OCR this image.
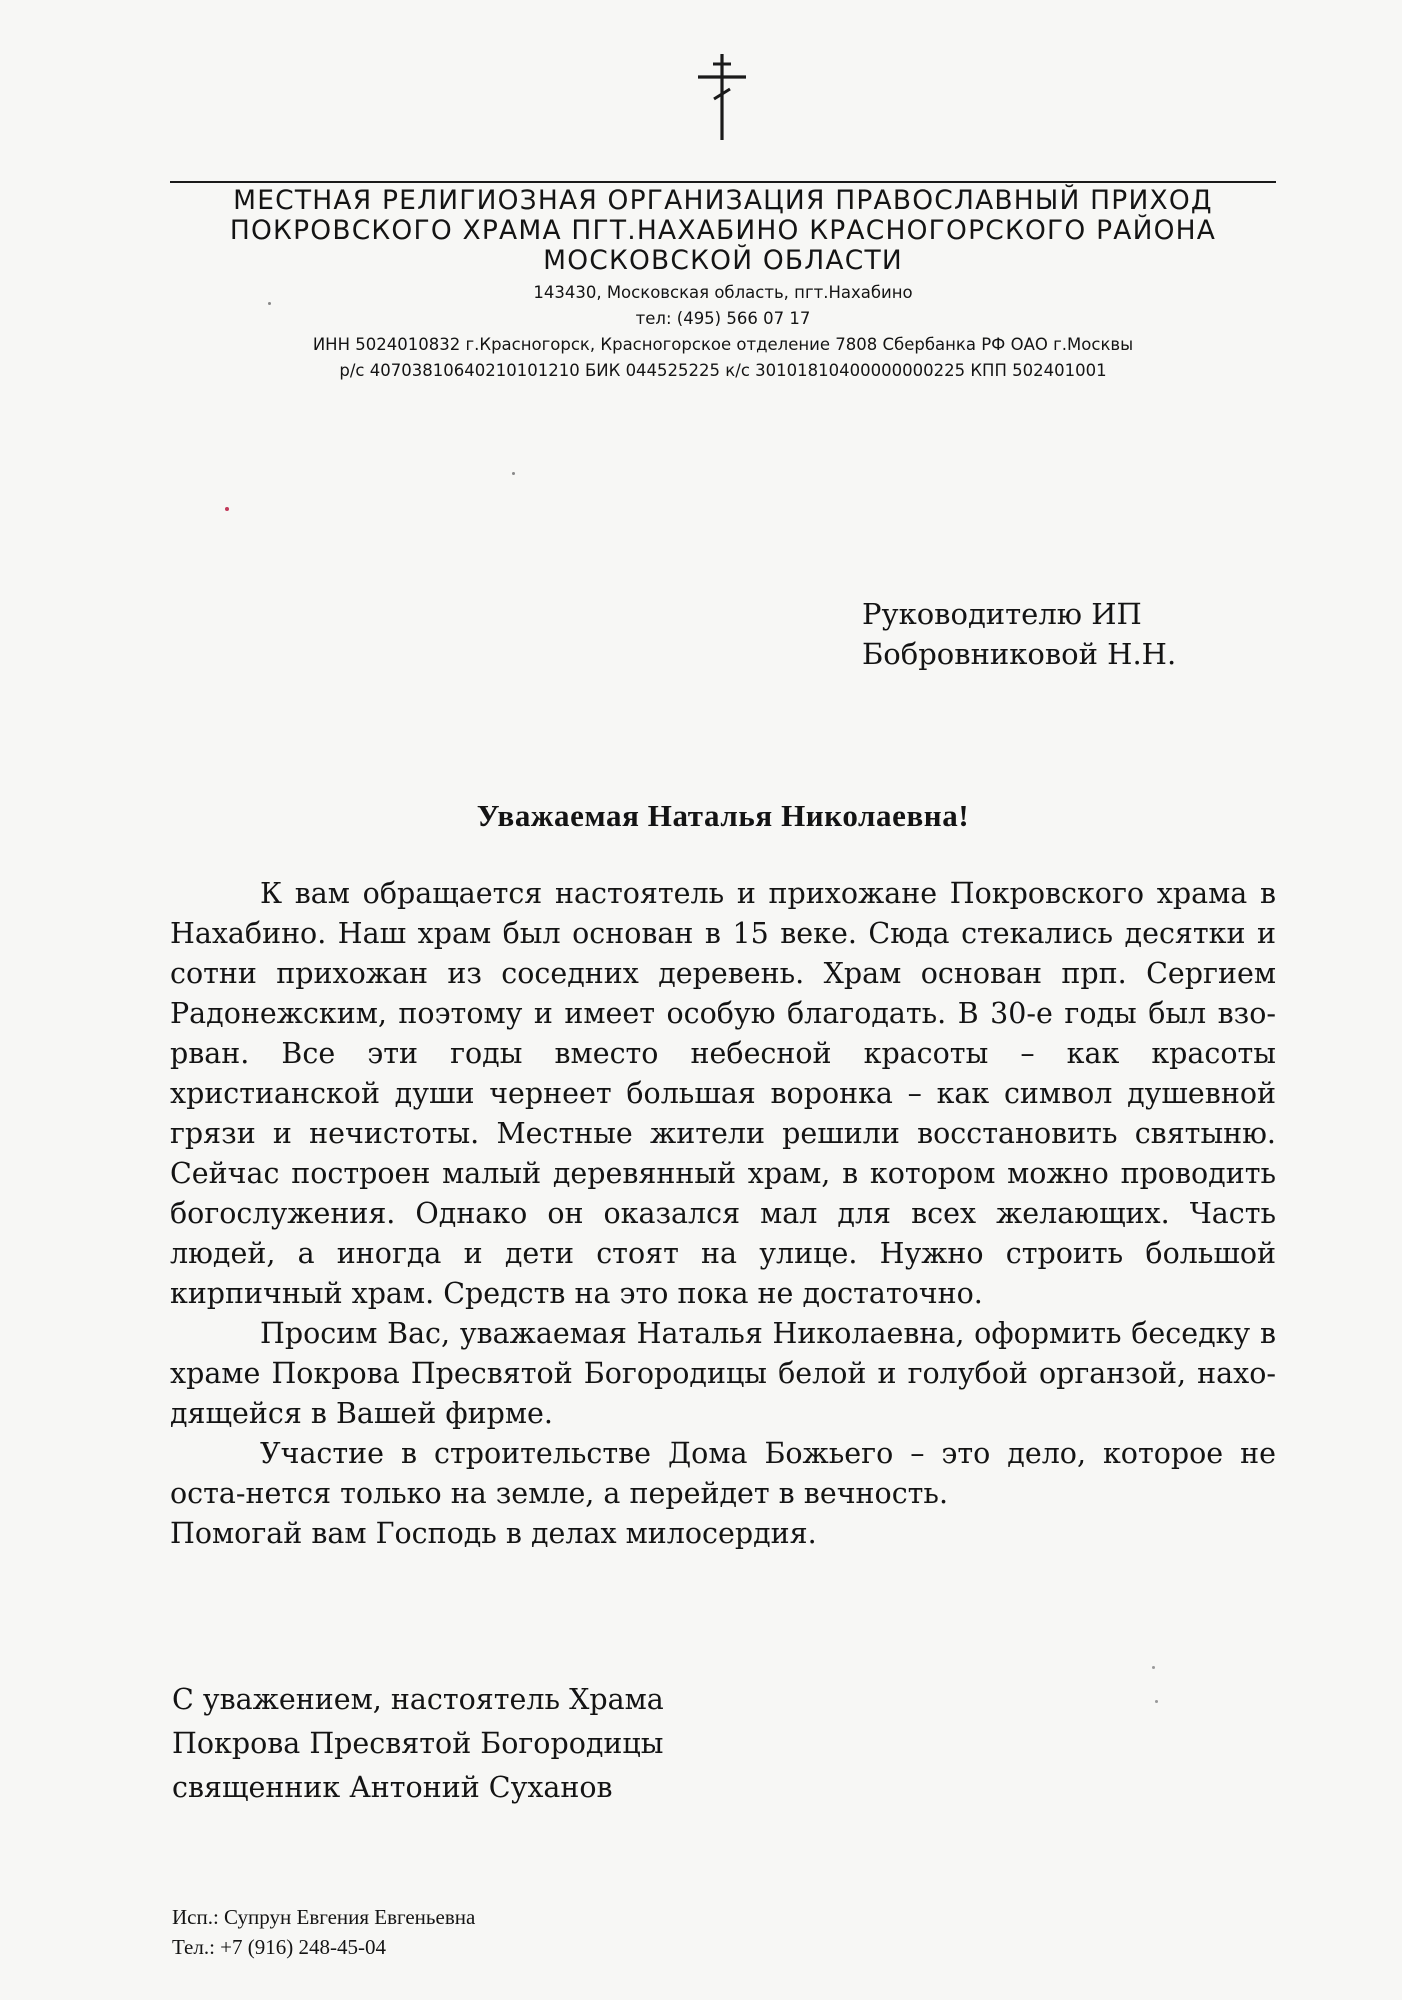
МЕСТНАЯ РЕЛИГИОЗНАЯ ОРГАНИЗАЦИЯ ПРАВОСЛАВНЫЙ ПРИХОД

ПОКРОВСКОГО ХРАМА ПГТ.НАХАБИНО КРАСНОГОРСКОГО РАЙОНА

МОСКОВСКОЙ ОБЛАСТИ

143430, Московская область, пгт.Нахабино

тел: (495) 566 07 17

ИНН 5024010832 г.Красногорск, Красногорское отделение 7808 Сбербанка РФ ОАО г.Москвы

р/с 40703810640210101210 БИК 044525225 к/с 30101810400000000225 КПП 502401001

Руководителю ИП
Бобровниковой Н.Н.
Уважаемая Наталья Николаевна!

К вам обращается настоятель и прихожане Покровского храма в Нахабино. Наш храм был основан в 15 веке. Сюда стекались десятки и сотни прихожан из соседних деревень. Храм основан прп. Сергием Радонежским, поэтому и имеет особую благодать. В 30-е годы был взо-рван. Все эти годы вместо небесной красоты – как красоты христианской души чернеет большая воронка – как символ душевной грязи и нечистоты. Местные жители решили восстановить святыню. Сейчас построен малый деревянный храм, в котором можно проводить богослужения. Однако он оказался мал для всех желающих. Часть людей, а иногда и дети стоят на улице. Нужно строить большой кирпичный храм. Средств на это пока не достаточно.

Просим Вас, уважаемая Наталья Николаевна, оформить беседку в храме Покрова Пресвятой Богородицы белой и голубой органзой, нахо-дящейся в Вашей фирме.

Участие в строительстве Дома Божьего – это дело, которое не оста-нется только на земле, а перейдет в вечность.

Помогай вам Господь в делах милосердия.

С уважением, настоятель Храма
Покрова Пресвятой Богородицы
священник Антоний Суханов
Исп.: Супрун Евгения Евгеньевна
Тел.: +7 (916) 248-45-04
